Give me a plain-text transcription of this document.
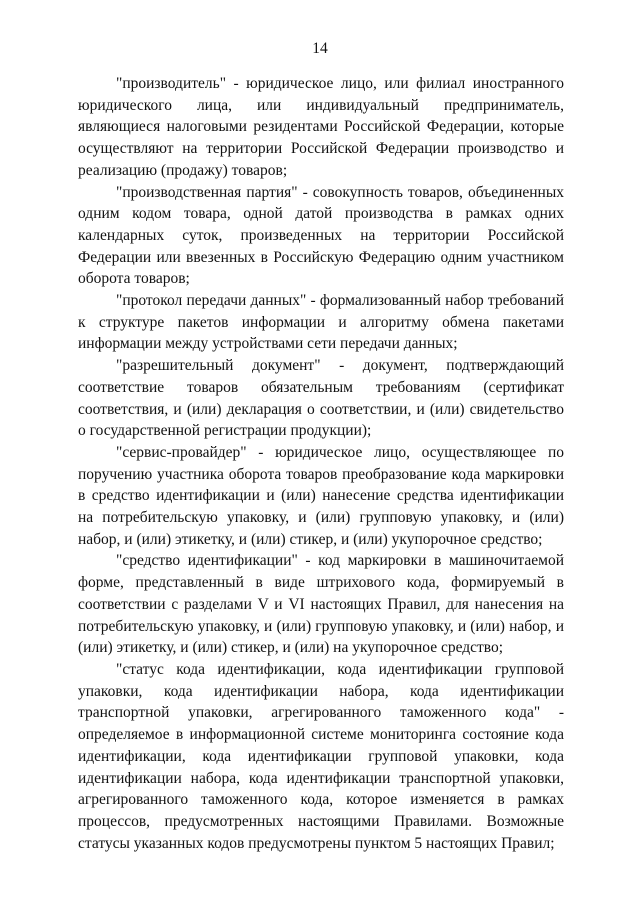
14

"производитель" - юридическое лицо, или филиал иностранного юридического лица, или индивидуальный предприниматель, являющиеся налоговыми резидентами Российской Федерации, которые осуществляют на территории Российской Федерации производство и реализацию (продажу) товаров;

"производственная партия" - совокупность товаров, объединенных одним кодом товара, одной датой производства в рамках одних календарных суток, произведенных на территории Российской Федерации или ввезенных в Российскую Федерацию одним участником оборота товаров;

"протокол передачи данных" - формализованный набор требований к структуре пакетов информации и алгоритму обмена пакетами информации между устройствами сети передачи данных;

"разрешительный документ" - документ, подтверждающий соответствие товаров обязательным требованиям (сертификат соответствия, и (или) декларация о соответствии, и (или) свидетельство о государственной регистрации продукции);

"сервис-провайдер" - юридическое лицо, осуществляющее по поручению участника оборота товаров преобразование кода маркировки в средство идентификации и (или) нанесение средства идентификации на потребительскую упаковку, и (или) групповую упаковку, и (или) набор, и (или) этикетку, и (или) стикер, и (или) укупорочное средство;

"средство идентификации" - код маркировки в машиночитаемой форме, представленный в виде штрихового кода, формируемый в соответствии с разделами V и VI настоящих Правил, для нанесения на потребительскую упаковку, и (или) групповую упаковку, и (или) набор, и (или) этикетку, и (или) стикер, и (или) на укупорочное средство;

"статус кода идентификации, кода идентификации групповой упаковки, кода идентификации набора, кода идентификации транспортной упаковки, агрегированного таможенного кода" - определяемое в информационной системе мониторинга состояние кода идентификации, кода идентификации групповой упаковки, кода идентификации набора, кода идентификации транспортной упаковки, агрегированного таможенного кода, которое изменяется в рамках процессов, предусмотренных настоящими Правилами. Возможные статусы указанных кодов предусмотрены пунктом 5 настоящих Правил;
